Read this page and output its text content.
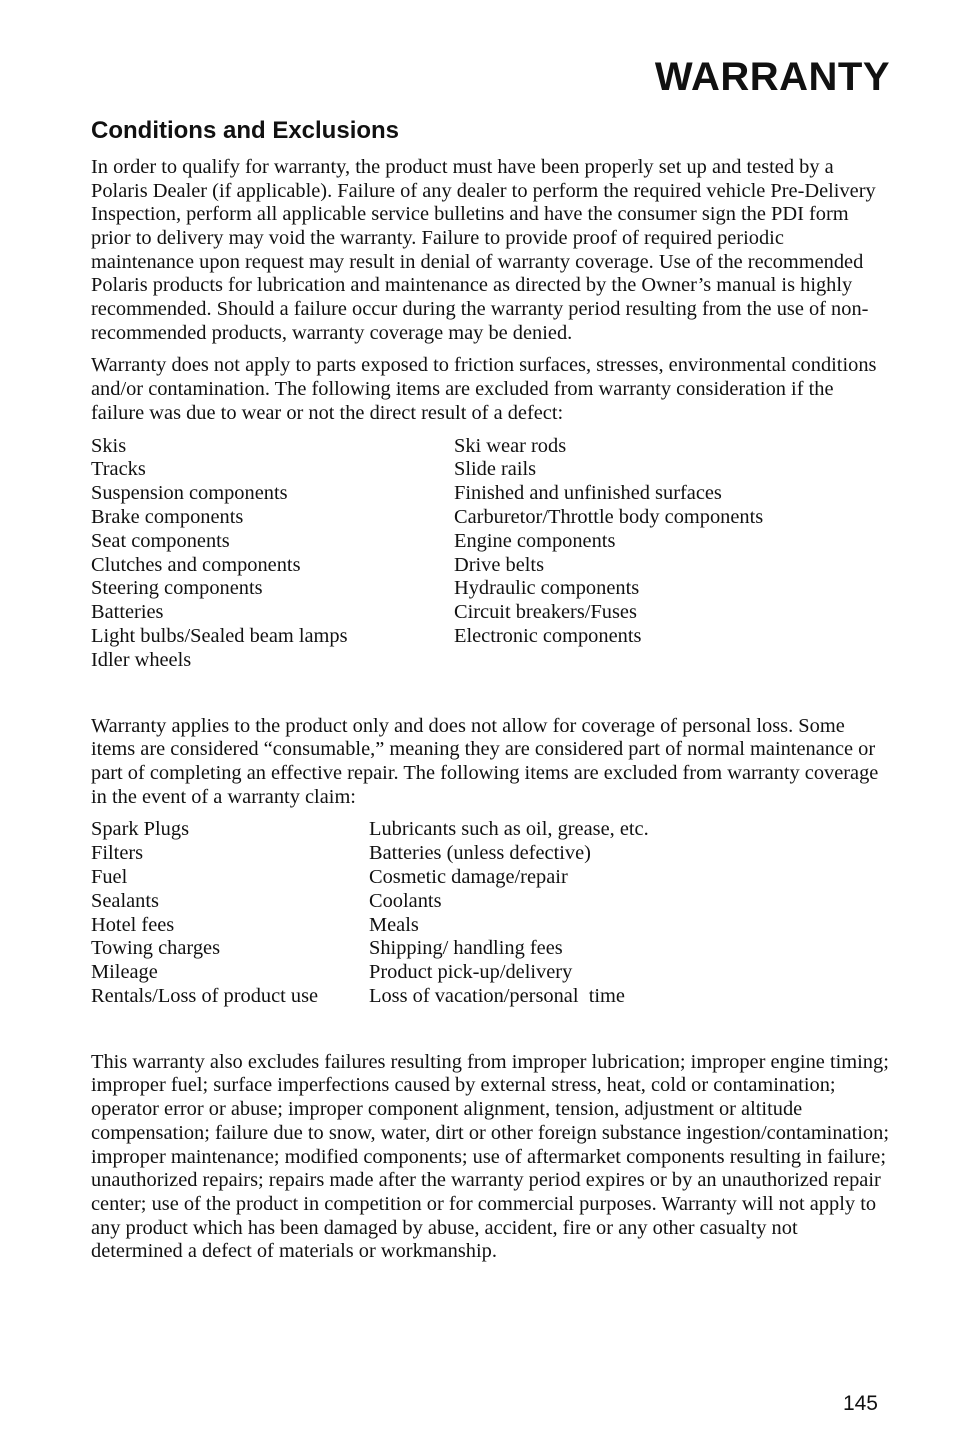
WARRANTY
Conditions and Exclusions

In order to qualify for warranty, the product must have been properly set up and tested by a Polaris Dealer (if applicable). Failure of any dealer to perform the required vehicle Pre-Delivery Inspection, perform all applicable service bulletins and have the consumer sign the PDI form prior to delivery may void the warranty. Failure to provide proof of required periodic maintenance upon request may result in denial of warranty coverage. Use of the recommended Polaris products for lubrication and maintenance as directed by the Owner’s manual is highly recommended. Should a failure occur during the warranty period resulting from the use of non-recommended products, warranty coverage may be denied.

Warranty does not apply to parts exposed to friction surfaces, stresses, environmental conditions and/or contamination. The following items are excluded from warranty consideration if the failure was due to wear or not the direct result of a defect:

Skis
Tracks
Suspension components
Brake components
Seat components
Clutches and components
Steering components
Batteries
Light bulbs/Sealed beam lamps
Idler wheels
Ski wear rods
Slide rails
Finished and unfinished surfaces
Carburetor/Throttle body components
Engine components
Drive belts
Hydraulic components
Circuit breakers/Fuses
Electronic components

Warranty applies to the product only and does not allow for coverage of personal loss. Some items are considered “consumable,” meaning they are considered part of normal maintenance or part of completing an effective repair. The following items are excluded from warranty coverage in the event of a warranty claim:

Spark Plugs
Filters
Fuel
Sealants
Hotel fees
Towing charges
Mileage
Rentals/Loss of product use
Lubricants such as oil, grease, etc.
Batteries (unless defective)
Cosmetic damage/repair
Coolants
Meals
Shipping/ handling fees
Product pick-up/delivery
Loss of vacation/personal  time

This warranty also excludes failures resulting from improper lubrication; improper engine timing; improper fuel; surface imperfections caused by external stress, heat, cold or contamination; operator error or abuse; improper component alignment, tension, adjustment or altitude compensation; failure due to snow, water, dirt or other foreign substance ingestion/contamination; improper maintenance; modified components; use of aftermarket components resulting in failure; unauthorized repairs; repairs made after the warranty period expires or by an unauthorized repair center; use of the product in competition or for commercial purposes. Warranty will not apply to any product which has been damaged by abuse, accident, fire or any other casualty not determined a defect of materials or workmanship.

145
